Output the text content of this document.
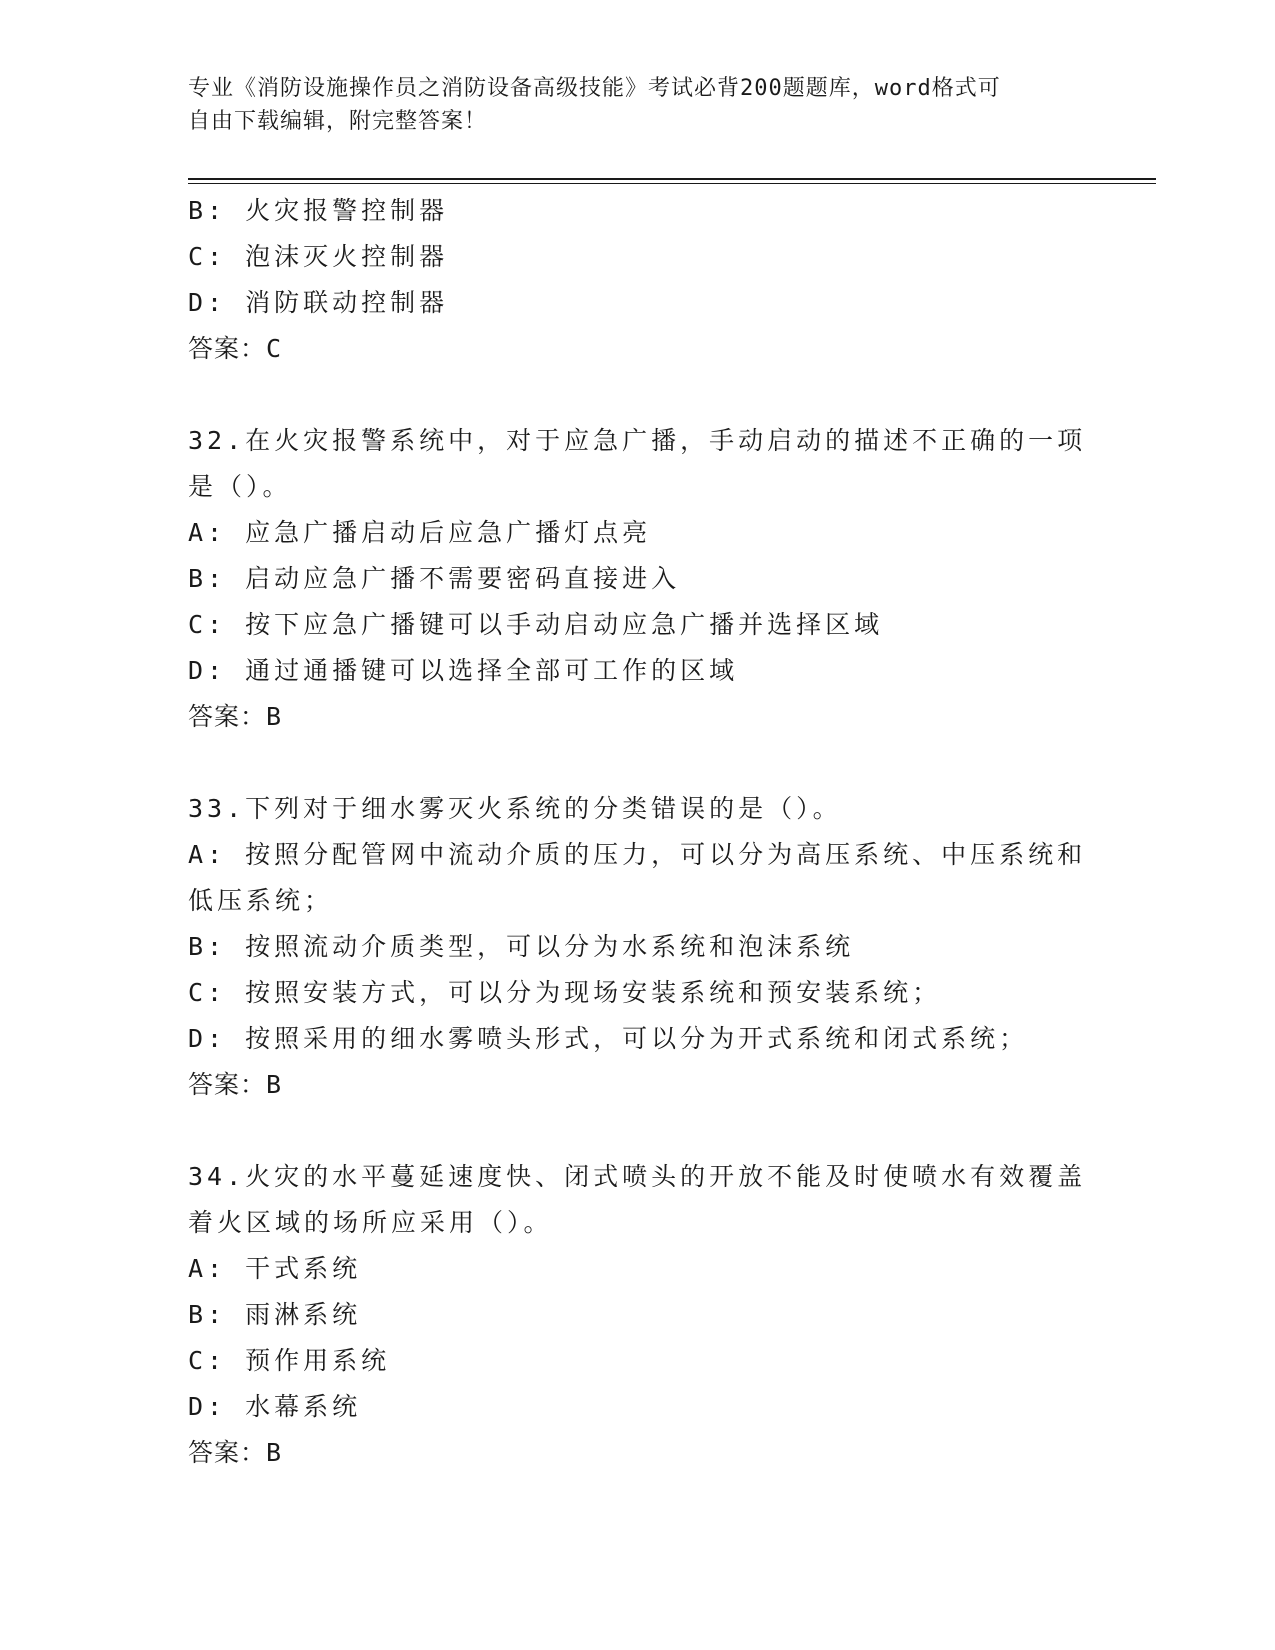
专业《消防设施操作员之消防设备高级技能》考试必背200题题库，word格式可
自由下载编辑，附完整答案！
B: 火灾报警控制器
C: 泡沫灭火控制器
D: 消防联动控制器
答案：C
32.在火灾报警系统中，对于应急广播，手动启动的描述不正确的一项
是（）。
A: 应急广播启动后应急广播灯点亮
B: 启动应急广播不需要密码直接进入
C: 按下应急广播键可以手动启动应急广播并选择区域
D: 通过通播键可以选择全部可工作的区域
答案：B
33.下列对于细水雾灭火系统的分类错误的是（）。
A: 按照分配管网中流动介质的压力，可以分为高压系统、中压系统和
低压系统；
B: 按照流动介质类型，可以分为水系统和泡沫系统
C: 按照安装方式，可以分为现场安装系统和预安装系统；
D: 按照采用的细水雾喷头形式，可以分为开式系统和闭式系统；
答案：B
34.火灾的水平蔓延速度快、闭式喷头的开放不能及时使喷水有效覆盖
着火区域的场所应采用（）。
A: 干式系统
B: 雨淋系统
C: 预作用系统
D: 水幕系统
答案：B
